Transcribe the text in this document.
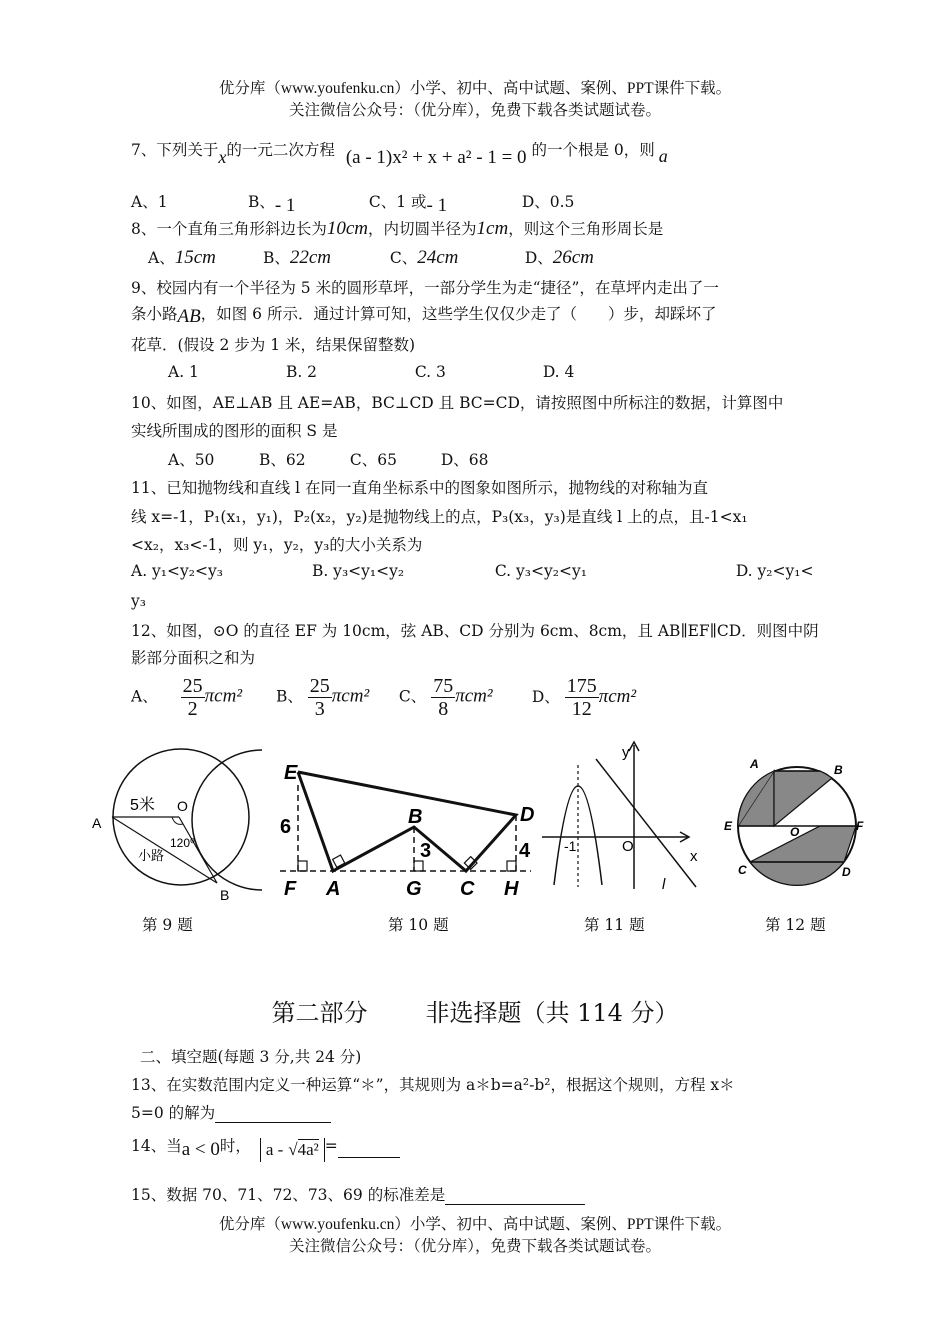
优分库（www.youfenku.cn）小学、初中、高中试题、案例、PPT课件下载。
关注微信公众号：（优分库），免费下载各类试题试卷。
7、下列关于x的一元二次方程 (a - 1)x² + x + a² - 1 = 0 的一个根是 0，则 a
A、1	B、- 1	C、1 或- 1	D、0.5
8、一个直角三角形斜边长为10cm，内切圆半径为1cm，则这个三角形周长是
A、15cm	B、22cm	C、24cm	D、26cm
9、校园内有一个半径为 5 米的圆形草坪，一部分学生为走“捷径”，在草坪内走出了一
条小路AB，如图 6 所示．通过计算可知，这些学生仅仅少走了（　　）步，却踩坏了
花草．(假设 2 步为 1 米，结果保留整数)
A. 1	B. 2	C. 3	D. 4
10、如图，AE⊥AB 且 AE=AB，BC⊥CD 且 BC=CD，请按照图中所标注的数据，计算图中
实线所围成的图形的面积 S 是
A、50	B、62	C、65	D、68
11、已知抛物线和直线 l 在同一直角坐标系中的图象如图所示，抛物线的对称轴为直
线 x=-1，P₁(x₁，y₁)，P₂(x₂，y₂)是抛物线上的点，P₃(x₃，y₃)是直线 l 上的点，且-1<x₁
<x₂，x₃<-1，则 y₁，y₂，y₃的大小关系为
A. y₁<y₂<y₃	B. y₃<y₁<y₂	C. y₃<y₂<y₁	D. y₂<y₁<
y₃
12、如图，⊙O 的直径 EF 为 10cm，弦 AB、CD 分别为 6cm、8cm，且 AB∥EF∥CD．则图中阴
影部分面积之和为
A、 $\frac{25}{2} \pi cm^2$ B、 $\frac{25}{3} \pi cm^2$ C、 $\frac{75}{8} \pi cm^2$	D、 $\frac{175}{12} \pi cm^2$
A
B
O
5米
120⁰
小路
E
F A
B
G C
D
H
6
3	4
y
x
O
-1
l
A	B
E	O	F
C	D
第 9 题	第 10 题	第 11 题	第 12 题
第二部分 非选择题（共 114 分）
二、填空题(每题 3 分,共 24 分)
13、在实数范围内定义一种运算“＊”，其规则为 a＊b=a²-b²，根据这个规则，方程 x＊
5=0 的解为
14、当a < 0时， a - √4a² =
15、数据 70、71、72、73、69 的标准差是
优分库（www.youfenku.cn）小学、初中、高中试题、案例、PPT课件下载。
关注微信公众号：（优分库），免费下载各类试题试卷。
